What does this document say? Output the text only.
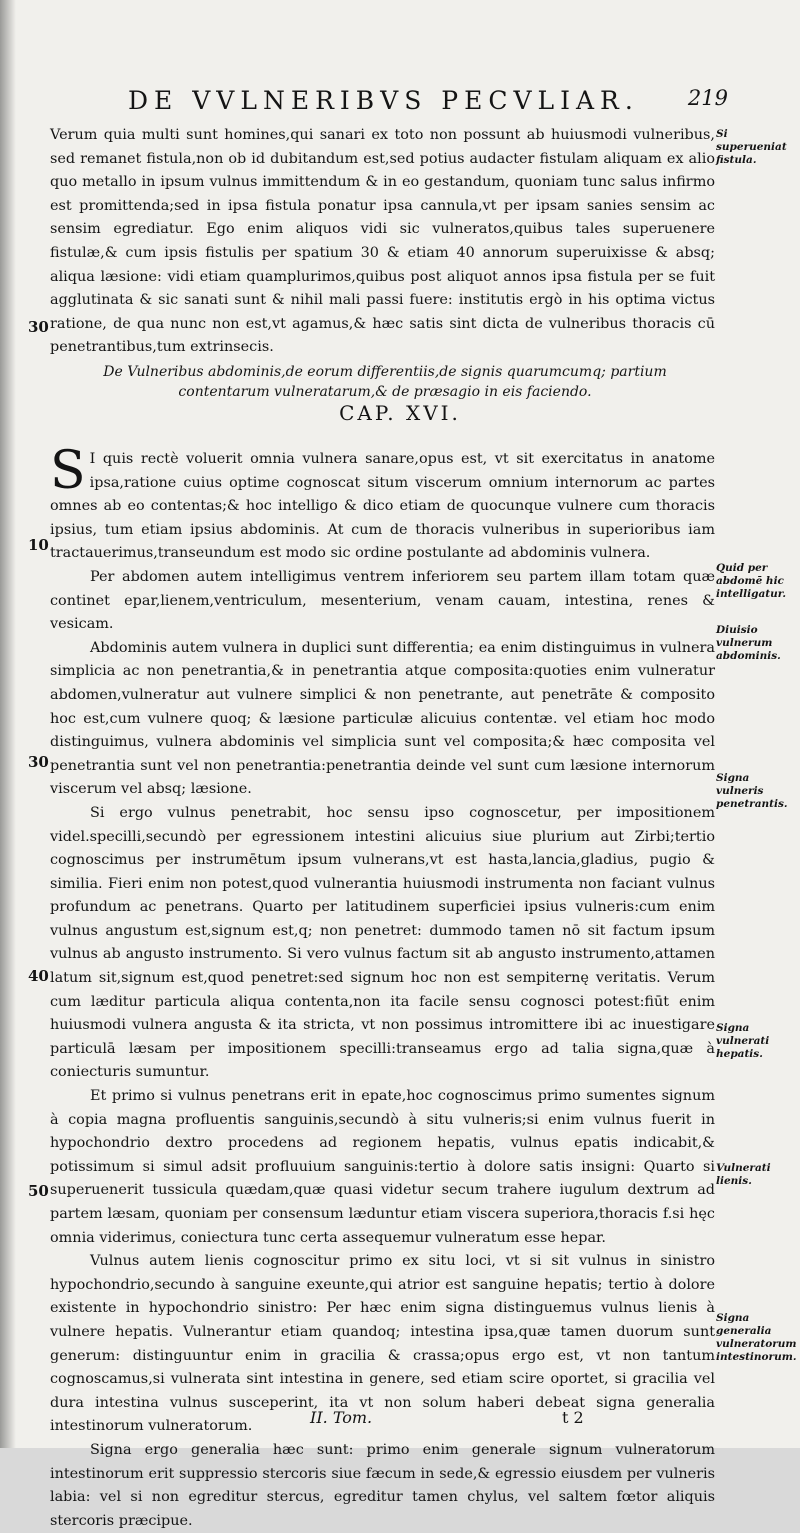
DE VVLNERIBVS PECVLIAR. 219

Verum quia multi sunt homines,qui sanari ex toto non possunt ab huiusmodi vulneribus, sed remanet fistula,non ob id dubitandum est,sed potius audacter fistulam aliquam ex alio quo metallo in ipsum vulnus immittendum & in eo gestandum, quoniam tunc salus infirmo est promittenda;sed in ipsa fistula ponatur ipsa cannula,vt per ipsam sanies sensim ac sensim egrediatur. Ego enim aliquos vidi sic vulneratos,quibus tales superuenere fistulæ,& cum ipsis fistulis per spatium 30 & etiam 40 annorum superuixisse & absq; aliqua læsione: vidi etiam quamplurimos,quibus post aliquot annos ipsa fistula per se fuit agglutinata & sic sanati sunt & nihil mali passi fuere: institutis ergò in his optima victus ratione, de qua nunc non est,vt agamus,& hæc satis sint dicta de vulneribus thoracis cū penetrantibus,tum extrinsecis.

De Vulneribus abdominis,de eorum differentiis,de signis quarumcumq; partium contentarum vulneratarum,& de præsagio in eis faciendo.
CAP. XVI.

S I quis rectè voluerit omnia vulnera sanare,opus est, vt sit exercitatus in anatome ipsa,ratione cuius optime cognoscat situm viscerum omnium internorum ac partes omnes ab eo contentas;& hoc intelligo & dico etiam de quocunque vulnere cum thoracis ipsius, tum etiam ipsius abdominis. At cum de thoracis vulneribus in superioribus iam tractauerimus,transeundum est modo sic ordine postulante ad abdominis vulnera.

Per abdomen autem intelligimus ventrem inferiorem seu partem illam totam quæ continet epar,lienem,ventriculum, mesenterium, venam cauam, intestina, renes & vesicam.

Abdominis autem vulnera in duplici sunt differentia; ea enim distinguimus in vulnera simplicia ac non penetrantia,& in penetrantia atque composita:quoties enim vulneratur abdomen,vulneratur aut vulnere simplici & non penetrante, aut penetrāte & composito hoc est,cum vulnere quoq; & læsione particulæ alicuius contentæ. vel etiam hoc modo distinguimus, vulnera abdominis vel simplicia sunt vel composita;& hæc composita vel penetrantia sunt vel non penetrantia:penetrantia deinde vel sunt cum læsione internorum viscerum vel absq; læsione.

Si ergo vulnus penetrabit, hoc sensu ipso cognoscetur, per impositionem videl.specilli,secundò per egressionem intestini alicuius siue plurium aut Zirbi;tertio cognoscimus per instrumētum ipsum vulnerans,vt est hasta,lancia,gladius, pugio & similia. Fieri enim non potest,quod vulnerantia huiusmodi instrumenta non faciant vulnus profundum ac penetrans. Quarto per latitudinem superficiei ipsius vulneris:cum enim vulnus angustum est,signum est,q; non penetret: dummodo tamen nō sit factum ipsum vulnus ab angusto instrumento. Si vero vulnus factum sit ab angusto instrumento,attamen latum sit,signum est,quod penetret:sed signum hoc non est sempiternę veritatis. Verum cum læditur particula aliqua contenta,non ita facile sensu cognosci potest:fiūt enim huiusmodi vulnera angusta & ita stricta, vt non possimus intromittere ibi ac inuestigare particulā læsam per impositionem specilli:transeamus ergo ad talia signa,quæ à coniecturis sumuntur.

Et primo si vulnus penetrans erit in epate,hoc cognoscimus primo sumentes signum à copia magna profluentis sanguinis,secundò à situ vulneris;si enim vulnus fuerit in hypochondrio dextro procedens ad regionem hepatis, vulnus epatis indicabit,& potissimum si simul adsit profluuium sanguinis:tertio à dolore satis insigni: Quarto si superuenerit tussicula quædam,quæ quasi videtur secum trahere iugulum dextrum ad partem læsam, quoniam per consensum læduntur etiam viscera superiora,thoracis f.si hęc omnia viderimus, coniectura tunc certa assequemur vulneratum esse hepar.

Vulnus autem lienis cognoscitur primo ex situ loci, vt si sit vulnus in sinistro hypochondrio,secundo à sanguine exeunte,qui atrior est sanguine hepatis; tertio à dolore existente in hypochondrio sinistro: Per hæc enim signa distinguemus vulnus lienis à vulnere hepatis. Vulnerantur etiam quandoq; intestina ipsa,quæ tamen duorum sunt generum: distinguuntur enim in gracilia & crassa;opus ergo est, vt non tantum cognoscamus,si vulnerata sint intestina in genere, sed etiam scire oportet, si gracilia vel dura intestina vulnus susceperint, ita vt non solum haberi debeat signa generalia intestinorum vulneratorum.

Signa ergo generalia hæc sunt: primo enim generale signum vulneratorum intestinorum erit suppressio stercoris siue fæcum in sede,& egressio eiusdem per vulneris labia: vel si non egreditur stercus, egreditur tamen chylus, vel saltem fœtor aliquis stercoris præcipue.

30
10
30
40
50
Si superueniat fistula.
Quid per abdomē hic intelligatur.
Diuisio vulnerum abdominis.
Signa vulneris penetrantis.
Signa vulnerati hepatis.
Vulnerati lienis.
Signa generalia vulneratorum intestinorum.
II. Tom.	t 2
